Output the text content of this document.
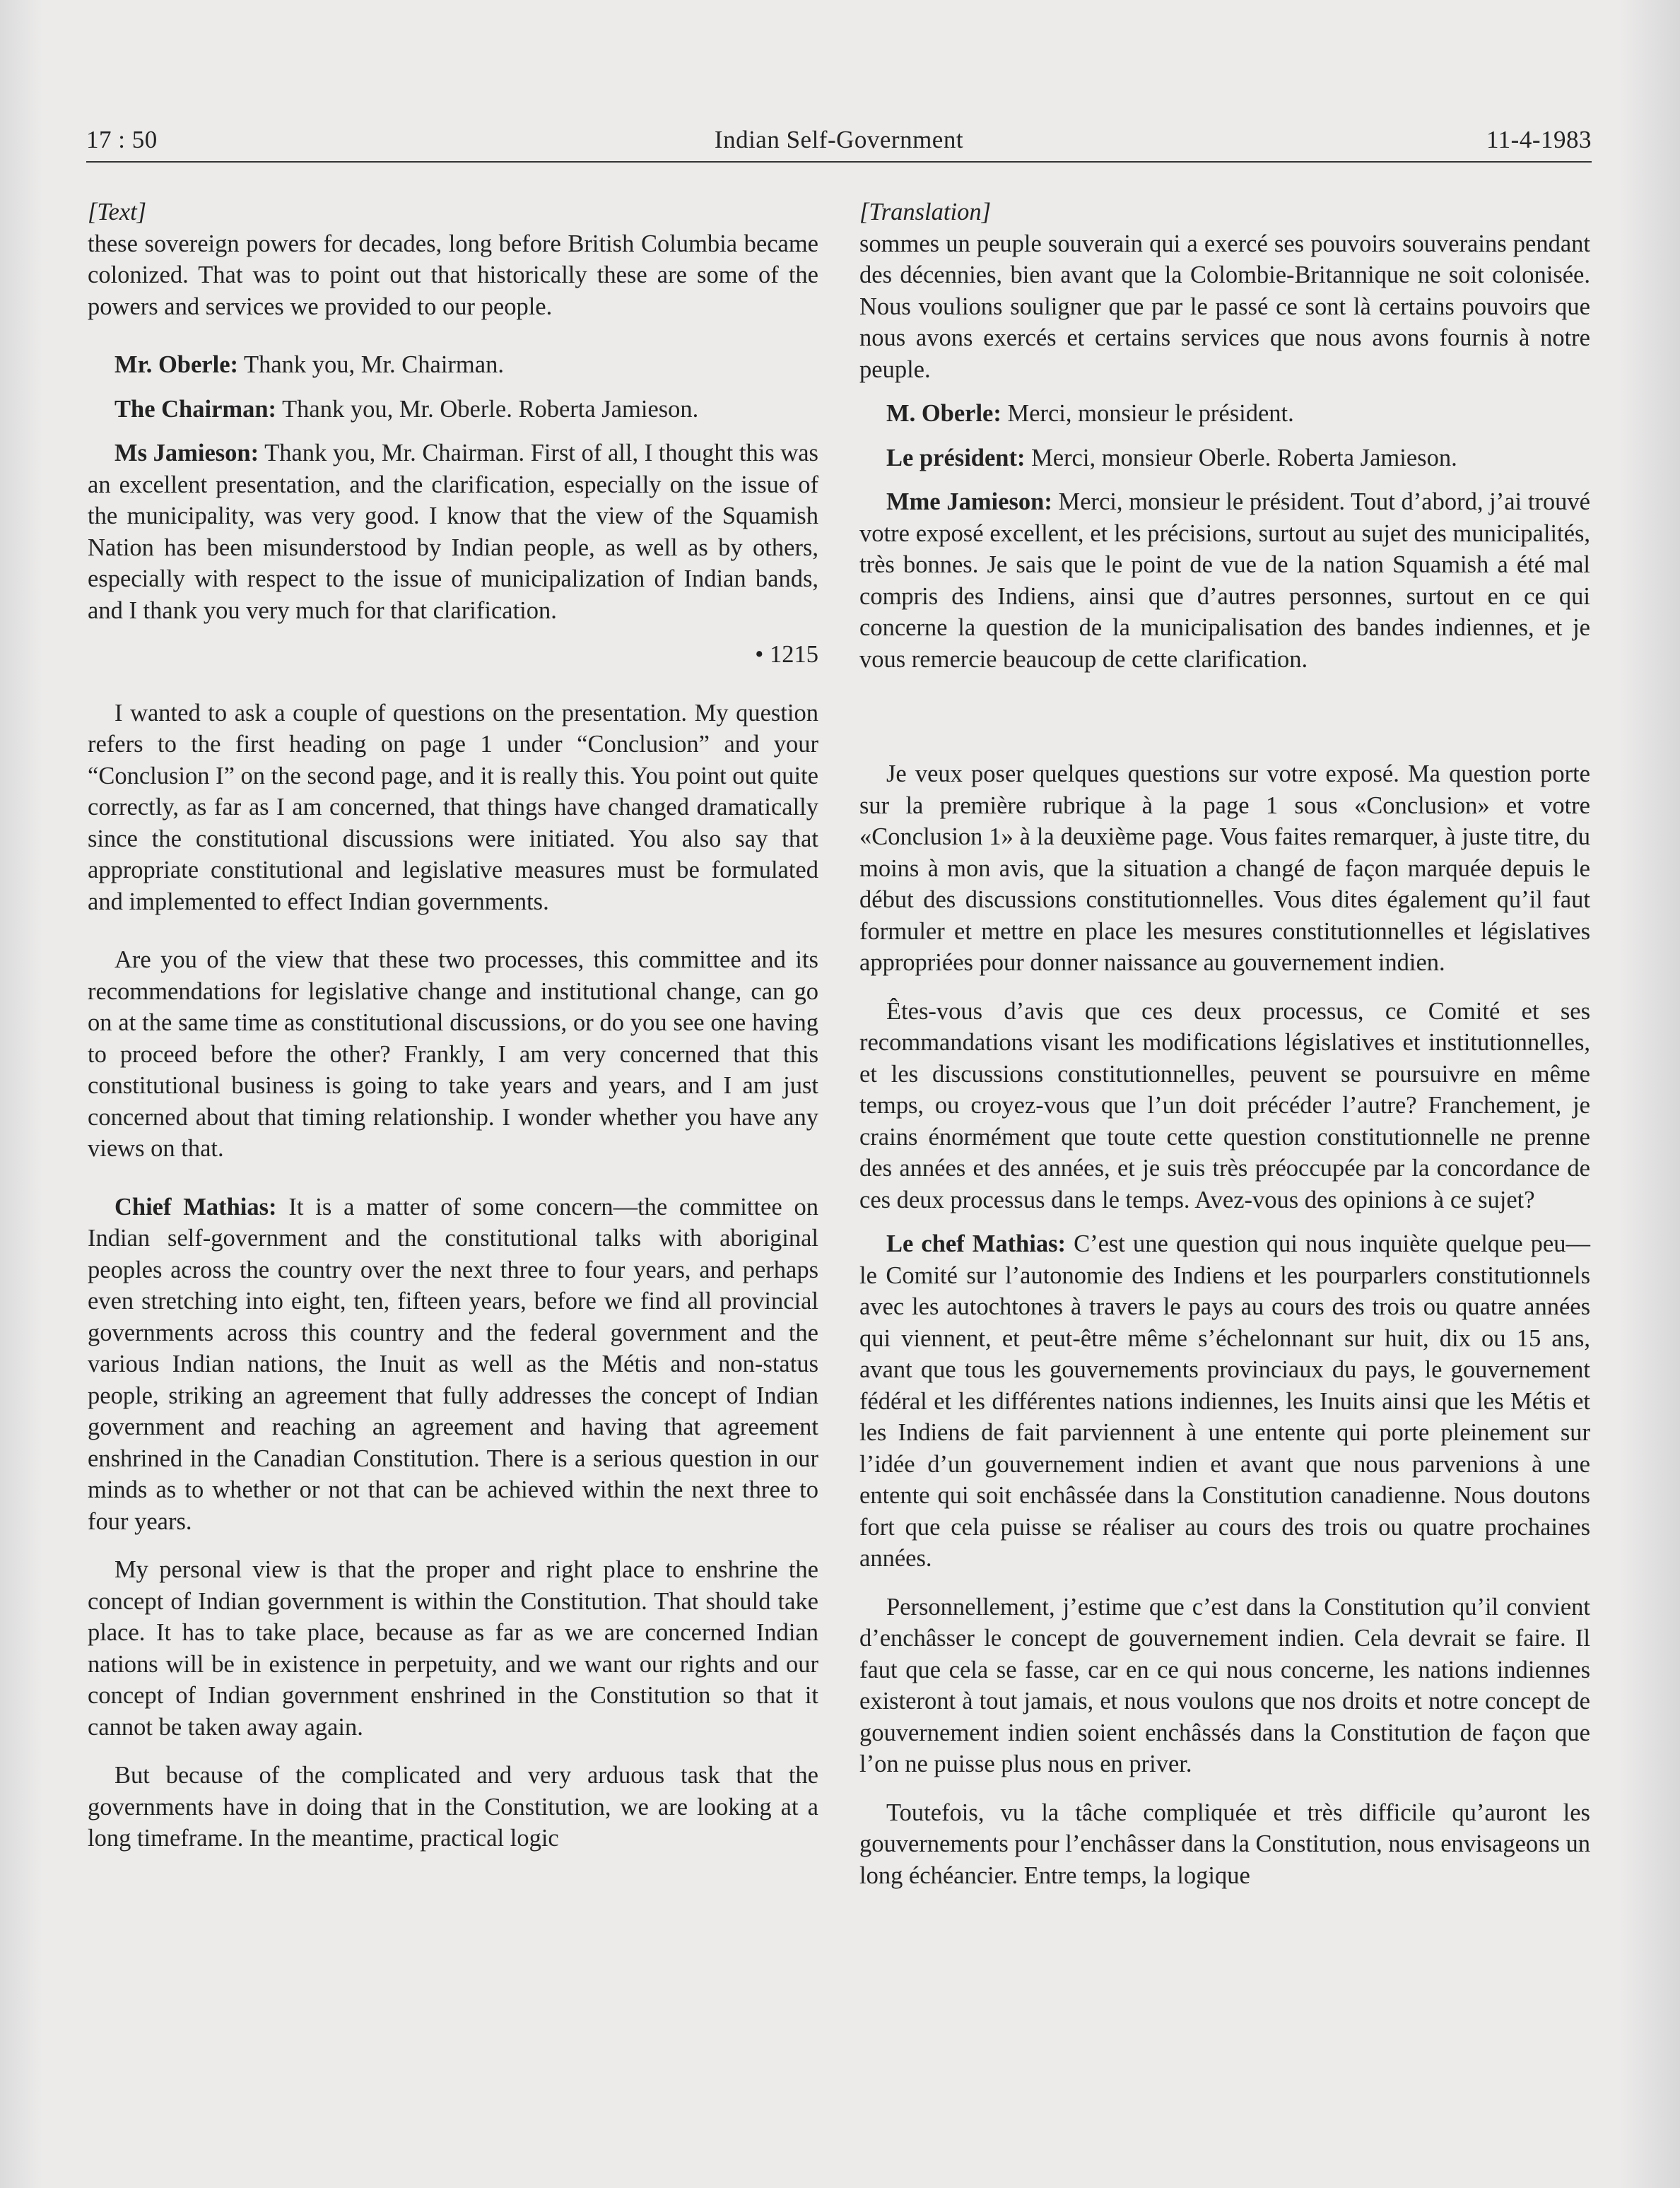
17 : 50	Indian Self-Government	11-4-1983

[Text]

these sovereign powers for decades, long before British Columbia became colonized. That was to point out that historically these are some of the powers and services we provided to our people.

Mr. Oberle: Thank you, Mr. Chairman.

The Chairman: Thank you, Mr. Oberle. Roberta Jamieson.

Ms Jamieson: Thank you, Mr. Chairman. First of all, I thought this was an excellent presentation, and the clarification, especially on the issue of the municipality, was very good. I know that the view of the Squamish Nation has been misunderstood by Indian people, as well as by others, especially with respect to the issue of municipalization of Indian bands, and I thank you very much for that clarification.

• 1215

I wanted to ask a couple of questions on the presentation. My question refers to the first heading on page 1 under “Conclusion” and your “Conclusion I” on the second page, and it is really this. You point out quite correctly, as far as I am concerned, that things have changed dramatically since the constitutional discussions were initiated. You also say that appropriate constitutional and legislative measures must be formulated and implemented to effect Indian governments.

Are you of the view that these two processes, this committee and its recommendations for legislative change and institutional change, can go on at the same time as constitutional discussions, or do you see one having to proceed before the other? Frankly, I am very concerned that this constitutional business is going to take years and years, and I am just concerned about that timing relationship. I wonder whether you have any views on that.

Chief Mathias: It is a matter of some concern—the committee on Indian self-government and the constitutional talks with aboriginal peoples across the country over the next three to four years, and perhaps even stretching into eight, ten, fifteen years, before we find all provincial governments across this country and the federal government and the various Indian nations, the Inuit as well as the Métis and non-status people, striking an agreement that fully addresses the concept of Indian government and reaching an agreement and having that agreement enshrined in the Canadian Constitution. There is a serious question in our minds as to whether or not that can be achieved within the next three to four years.

My personal view is that the proper and right place to enshrine the concept of Indian government is within the Constitution. That should take place. It has to take place, because as far as we are concerned Indian nations will be in existence in perpetuity, and we want our rights and our concept of Indian government enshrined in the Constitution so that it cannot be taken away again.

But because of the complicated and very arduous task that the governments have in doing that in the Constitution, we are looking at a long timeframe. In the meantime, practical logic

[Translation]

sommes un peuple souverain qui a exercé ses pouvoirs souverains pendant des décennies, bien avant que la Colombie-Britannique ne soit colonisée. Nous voulions souligner que par le passé ce sont là certains pouvoirs que nous avons exercés et certains services que nous avons fournis à notre peuple.

M. Oberle: Merci, monsieur le président.

Le président: Merci, monsieur Oberle. Roberta Jamieson.

Mme Jamieson: Merci, monsieur le président. Tout d’abord, j’ai trouvé votre exposé excellent, et les précisions, surtout au sujet des municipalités, très bonnes. Je sais que le point de vue de la nation Squamish a été mal compris des Indiens, ainsi que d’autres personnes, surtout en ce qui concerne la question de la municipalisation des bandes indiennes, et je vous remercie beaucoup de cette clarification.

Je veux poser quelques questions sur votre exposé. Ma question porte sur la première rubrique à la page 1 sous «Conclusion» et votre «Conclusion 1» à la deuxième page. Vous faites remarquer, à juste titre, du moins à mon avis, que la situation a changé de façon marquée depuis le début des discussions constitutionnelles. Vous dites également qu’il faut formuler et mettre en place les mesures constitutionnelles et législatives appropriées pour donner naissance au gouvernement indien.

Êtes-vous d’avis que ces deux processus, ce Comité et ses recommandations visant les modifications législatives et institutionnelles, et les discussions constitutionnelles, peuvent se poursuivre en même temps, ou croyez-vous que l’un doit précéder l’autre? Franchement, je crains énormément que toute cette question constitutionnelle ne prenne des années et des années, et je suis très préoccupée par la concordance de ces deux processus dans le temps. Avez-vous des opinions à ce sujet?

Le chef Mathias: C’est une question qui nous inquiète quelque peu—le Comité sur l’autonomie des Indiens et les pourparlers constitutionnels avec les autochtones à travers le pays au cours des trois ou quatre années qui viennent, et peut-être même s’échelonnant sur huit, dix ou 15 ans, avant que tous les gouvernements provinciaux du pays, le gouvernement fédéral et les différentes nations indiennes, les Inuits ainsi que les Métis et les Indiens de fait parviennent à une entente qui porte pleinement sur l’idée d’un gouvernement indien et avant que nous parvenions à une entente qui soit enchâssée dans la Constitution canadienne. Nous doutons fort que cela puisse se réaliser au cours des trois ou quatre prochaines années.

Personnellement, j’estime que c’est dans la Constitution qu’il convient d’enchâsser le concept de gouvernement indien. Cela devrait se faire. Il faut que cela se fasse, car en ce qui nous concerne, les nations indiennes existeront à tout jamais, et nous voulons que nos droits et notre concept de gouvernement indien soient enchâssés dans la Constitution de façon que l’on ne puisse plus nous en priver.

Toutefois, vu la tâche compliquée et très difficile qu’auront les gouvernements pour l’enchâsser dans la Constitution, nous envisageons un long échéancier. Entre temps, la logique
